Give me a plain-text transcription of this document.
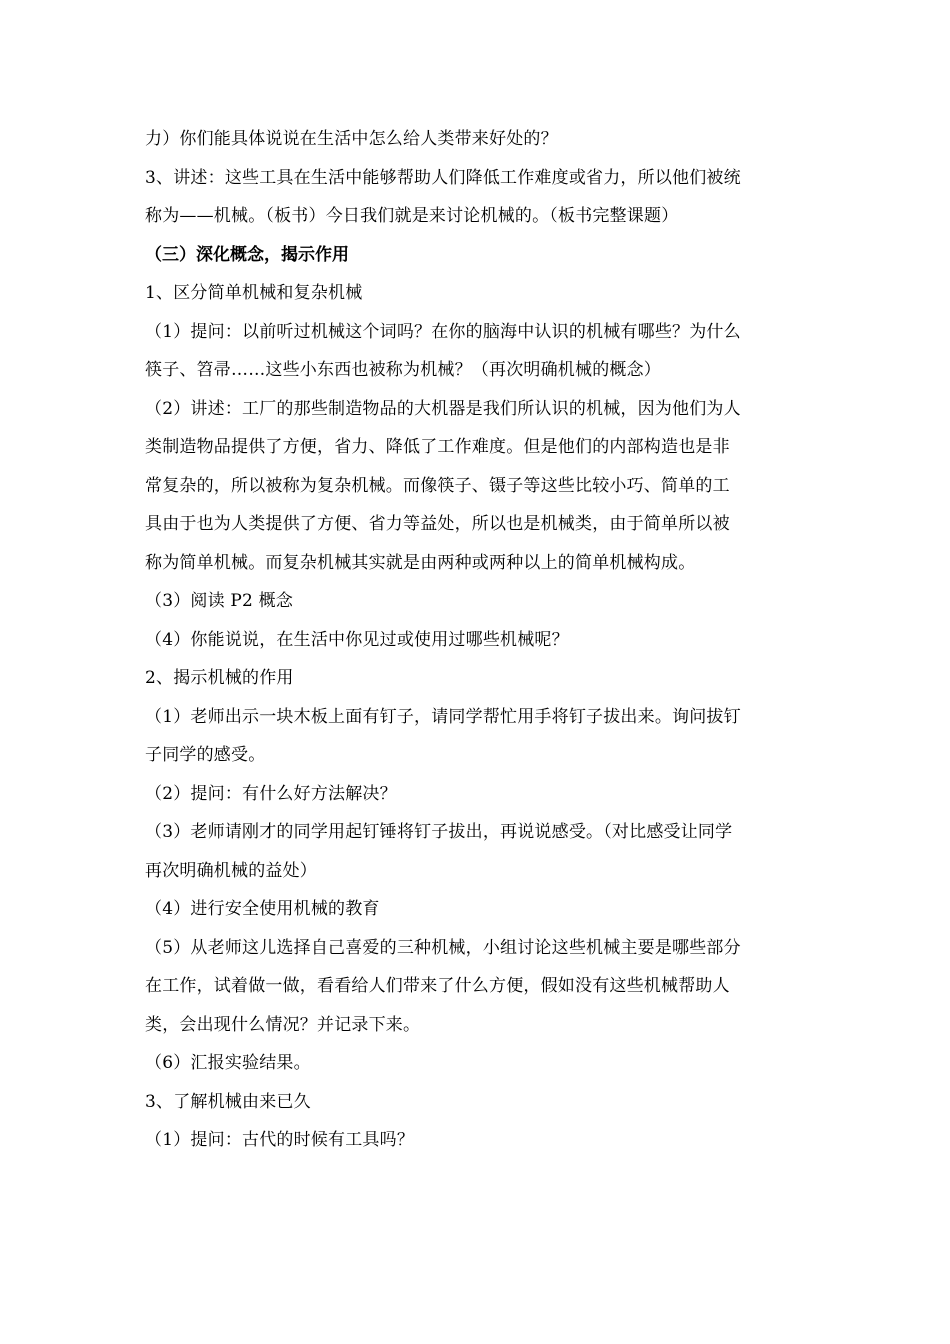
力）你们能具体说说在生活中怎么给人类带来好处的？
3、讲述：这些工具在生活中能够帮助人们降低工作难度或省力，所以他们被统
称为——机械。（板书）今日我们就是来讨论机械的。（板书完整课题）
（三）深化概念，揭示作用
1、区分简单机械和复杂机械
（1）提问：以前听过机械这个词吗？在你的脑海中认识的机械有哪些？为什么
筷子、笤帚……这些小东西也被称为机械？（再次明确机械的概念）
（2）讲述：工厂的那些制造物品的大机器是我们所认识的机械，因为他们为人
类制造物品提供了方便，省力、降低了工作难度。但是他们的内部构造也是非
常复杂的，所以被称为复杂机械。而像筷子、镊子等这些比较小巧、简单的工
具由于也为人类提供了方便、省力等益处，所以也是机械类，由于简单所以被
称为简单机械。而复杂机械其实就是由两种或两种以上的简单机械构成。
（3）阅读 P2 概念
（4）你能说说，在生活中你见过或使用过哪些机械呢？
2、揭示机械的作用
（1）老师出示一块木板上面有钉子，请同学帮忙用手将钉子拔出来。询问拔钉
子同学的感受。
（2）提问：有什么好方法解决？
（3）老师请刚才的同学用起钉锤将钉子拔出，再说说感受。（对比感受让同学
再次明确机械的益处）
（4）进行安全使用机械的教育
（5）从老师这儿选择自己喜爱的三种机械，小组讨论这些机械主要是哪些部分
在工作，试着做一做，看看给人们带来了什么方便，假如没有这些机械帮助人
类，会出现什么情况？并记录下来。
（6）汇报实验结果。
3、了解机械由来已久
（1）提问：古代的时候有工具吗？
